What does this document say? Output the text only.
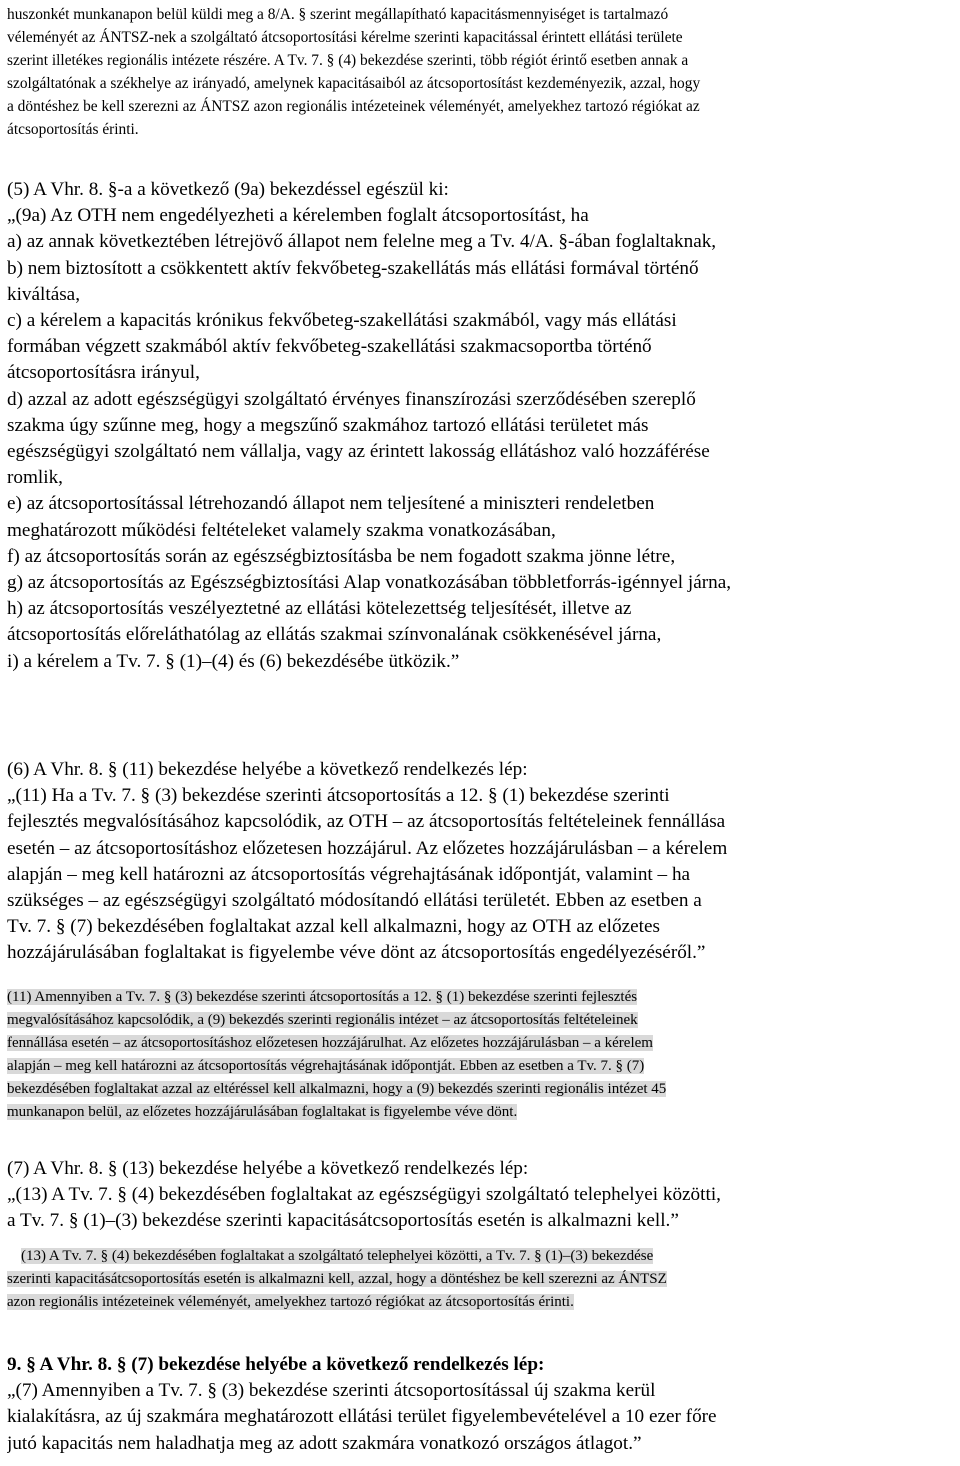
huszonkét munkanapon belül küldi meg a 8/A. § szerint megállapítható kapacitásmennyiséget is tartalmazó
véleményét az ÁNTSZ-nek a szolgáltató átcsoportosítási kérelme szerinti kapacitással érintett ellátási területe
szerint illetékes regionális intézete részére. A Tv. 7. § (4) bekezdése szerinti, több régiót érintő esetben annak a
szolgáltatónak a székhelye az irányadó, amelynek kapacitásaiból az átcsoportosítást kezdeményezik, azzal, hogy
a döntéshez be kell szerezni az ÁNTSZ azon regionális intézeteinek véleményét, amelyekhez tartozó régiókat az
átcsoportosítás érinti.
(5) A Vhr. 8. §-a a következő (9a) bekezdéssel egészül ki:
„(9a) Az OTH nem engedélyezheti a kérelemben foglalt átcsoportosítást, ha
a) az annak következtében létrejövő állapot nem felelne meg a Tv. 4/A. §-ában foglaltaknak,
b) nem biztosított a csökkentett aktív fekvőbeteg-szakellátás más ellátási formával történő
kiváltása,
c) a kérelem a kapacitás krónikus fekvőbeteg-szakellátási szakmából, vagy más ellátási
formában végzett szakmából aktív fekvőbeteg-szakellátási szakmacsoportba történő
átcsoportosításra irányul,
d) azzal az adott egészségügyi szolgáltató érvényes finanszírozási szerződésében szereplő
szakma úgy szűnne meg, hogy a megszűnő szakmához tartozó ellátási területet más
egészségügyi szolgáltató nem vállalja, vagy az érintett lakosság ellátáshoz való hozzáférése
romlik,
e) az átcsoportosítással létrehozandó állapot nem teljesítené a miniszteri rendeletben
meghatározott működési feltételeket valamely szakma vonatkozásában,
f) az átcsoportosítás során az egészségbiztosításba be nem fogadott szakma jönne létre,
g) az átcsoportosítás az Egészségbiztosítási Alap vonatkozásában többletforrás-igénnyel járna,
h) az átcsoportosítás veszélyeztetné az ellátási kötelezettség teljesítését, illetve az
átcsoportosítás előreláthatólag az ellátás szakmai színvonalának csökkenésével járna,
i) a kérelem a Tv. 7. § (1)–(4) és (6) bekezdésébe ütközik.”
(6) A Vhr. 8. § (11) bekezdése helyébe a következő rendelkezés lép:
„(11) Ha a Tv. 7. § (3) bekezdése szerinti átcsoportosítás a 12. § (1) bekezdése szerinti
fejlesztés megvalósításához kapcsolódik, az OTH – az átcsoportosítás feltételeinek fennállása
esetén – az átcsoportosításhoz előzetesen hozzájárul. Az előzetes hozzájárulásban – a kérelem
alapján – meg kell határozni az átcsoportosítás végrehajtásának időpontját, valamint – ha
szükséges – az egészségügyi szolgáltató módosítandó ellátási területét. Ebben az esetben a
Tv. 7. § (7) bekezdésében foglaltakat azzal kell alkalmazni, hogy az OTH az előzetes
hozzájárulásában foglaltakat is figyelembe véve dönt az átcsoportosítás engedélyezéséről.”
(11) Amennyiben a Tv. 7. § (3) bekezdése szerinti átcsoportosítás a 12. § (1) bekezdése szerinti fejlesztés
megvalósításához kapcsolódik, a (9) bekezdés szerinti regionális intézet – az átcsoportosítás feltételeinek
fennállása esetén – az átcsoportosításhoz előzetesen hozzájárulhat. Az előzetes hozzájárulásban – a kérelem
alapján – meg kell határozni az átcsoportosítás végrehajtásának időpontját. Ebben az esetben a Tv. 7. § (7)
bekezdésében foglaltakat azzal az eltéréssel kell alkalmazni, hogy a (9) bekezdés szerinti regionális intézet 45
munkanapon belül, az előzetes hozzájárulásában foglaltakat is figyelembe véve dönt.
(7) A Vhr. 8. § (13) bekezdése helyébe a következő rendelkezés lép:
„(13) A Tv. 7. § (4) bekezdésében foglaltakat az egészségügyi szolgáltató telephelyei közötti,
a Tv. 7. § (1)–(3) bekezdése szerinti kapacitásátcsoportosítás esetén is alkalmazni kell.”
(13) A Tv. 7. § (4) bekezdésében foglaltakat a szolgáltató telephelyei közötti, a Tv. 7. § (1)–(3) bekezdése
szerinti kapacitásátcsoportosítás esetén is alkalmazni kell, azzal, hogy a döntéshez be kell szerezni az ÁNTSZ
azon regionális intézeteinek véleményét, amelyekhez tartozó régiókat az átcsoportosítás érinti.
9. § A Vhr. 8. § (7) bekezdése helyébe a következő rendelkezés lép:
„(7) Amennyiben a Tv. 7. § (3) bekezdése szerinti átcsoportosítással új szakma kerül
kialakításra, az új szakmára meghatározott ellátási terület figyelembevételével a 10 ezer főre
jutó kapacitás nem haladhatja meg az adott szakmára vonatkozó országos átlagot.”
